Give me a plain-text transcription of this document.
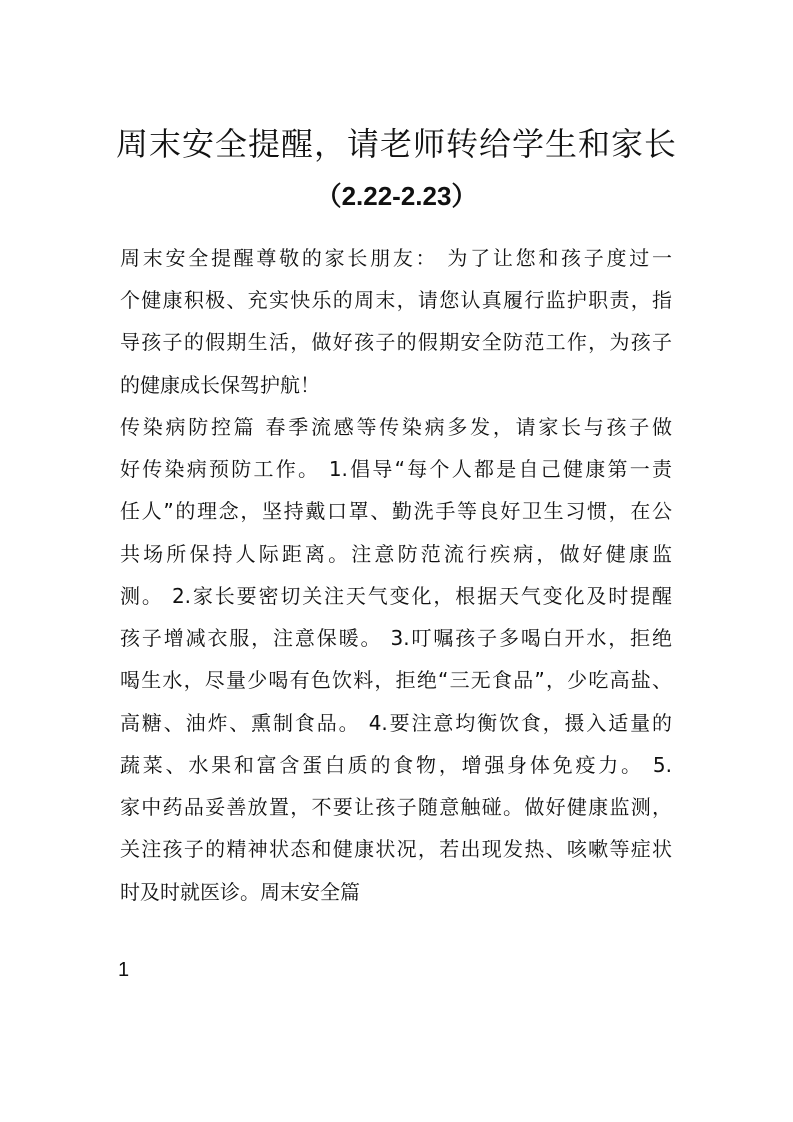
周末安全提醒，请老师转给学生和家长
（2.22-2.23）
周末安全提醒尊敬的家长朋友： 为了让您和孩子度过一
个健康积极、充实快乐的周末，请您认真履行监护职责，指
导孩子的假期生活，做好孩子的假期安全防范工作，为孩子
的健康成长保驾护航！
传染病防控篇 春季流感等传染病多发，请家长与孩子做
好传染病预防工作。 1.倡导“每个人都是自己健康第一责
任人”的理念，坚持戴口罩、勤洗手等良好卫生习惯，在公
共场所保持人际距离。注意防范流行疾病，做好健康监
测。 2.家长要密切关注天气变化，根据天气变化及时提醒
孩子增减衣服，注意保暖。 3.叮嘱孩子多喝白开水，拒绝
喝生水，尽量少喝有色饮料，拒绝“三无食品”，少吃高盐、
高糖、油炸、熏制食品。 4.要注意均衡饮食，摄入适量的
蔬菜、水果和富含蛋白质的食物，增强身体免疫力。 5.
家中药品妥善放置，不要让孩子随意触碰。做好健康监测，
关注孩子的精神状态和健康状况，若出现发热、咳嗽等症状
时及时就医诊。周末安全篇
1
